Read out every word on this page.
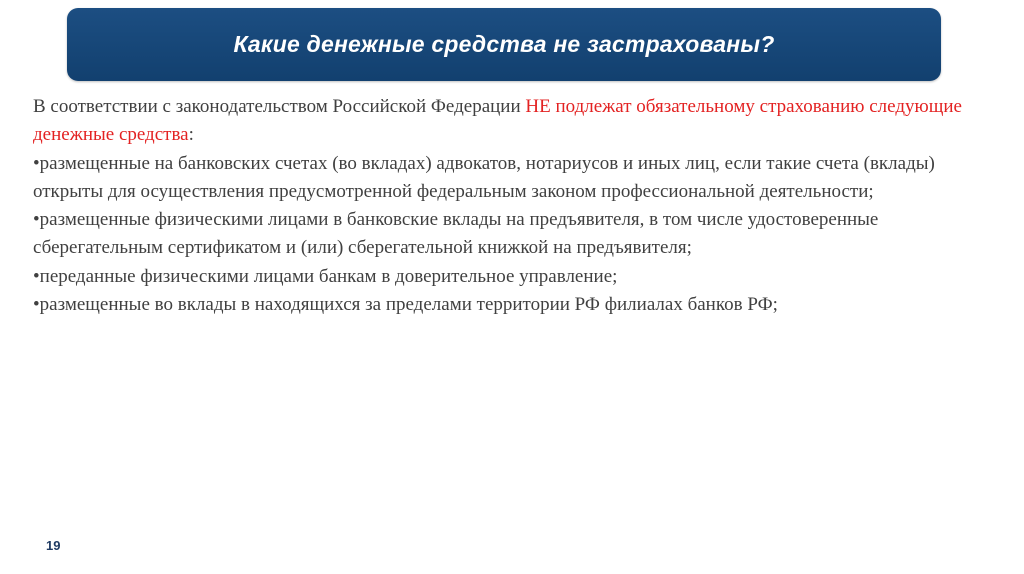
Какие денежные средства не застрахованы?

В соответствии с законодательством Российской Федерации НЕ подлежат обязательному страхованию следующие денежные средства:

•размещенные на банковских счетах (во вкладах) адвокатов, нотариусов и иных лиц, если такие счета (вклады) открыты для осуществления предусмотренной федеральным законом профессиональной деятельности;

•размещенные физическими лицами в банковские вклады на предъявителя, в том числе удостоверенные сберегательным сертификатом и (или) сберегательной книжкой на предъявителя;

•переданные физическими лицами банкам в доверительное управление;

•размещенные во вклады в находящихся за пределами территории РФ филиалах банков РФ;

19
